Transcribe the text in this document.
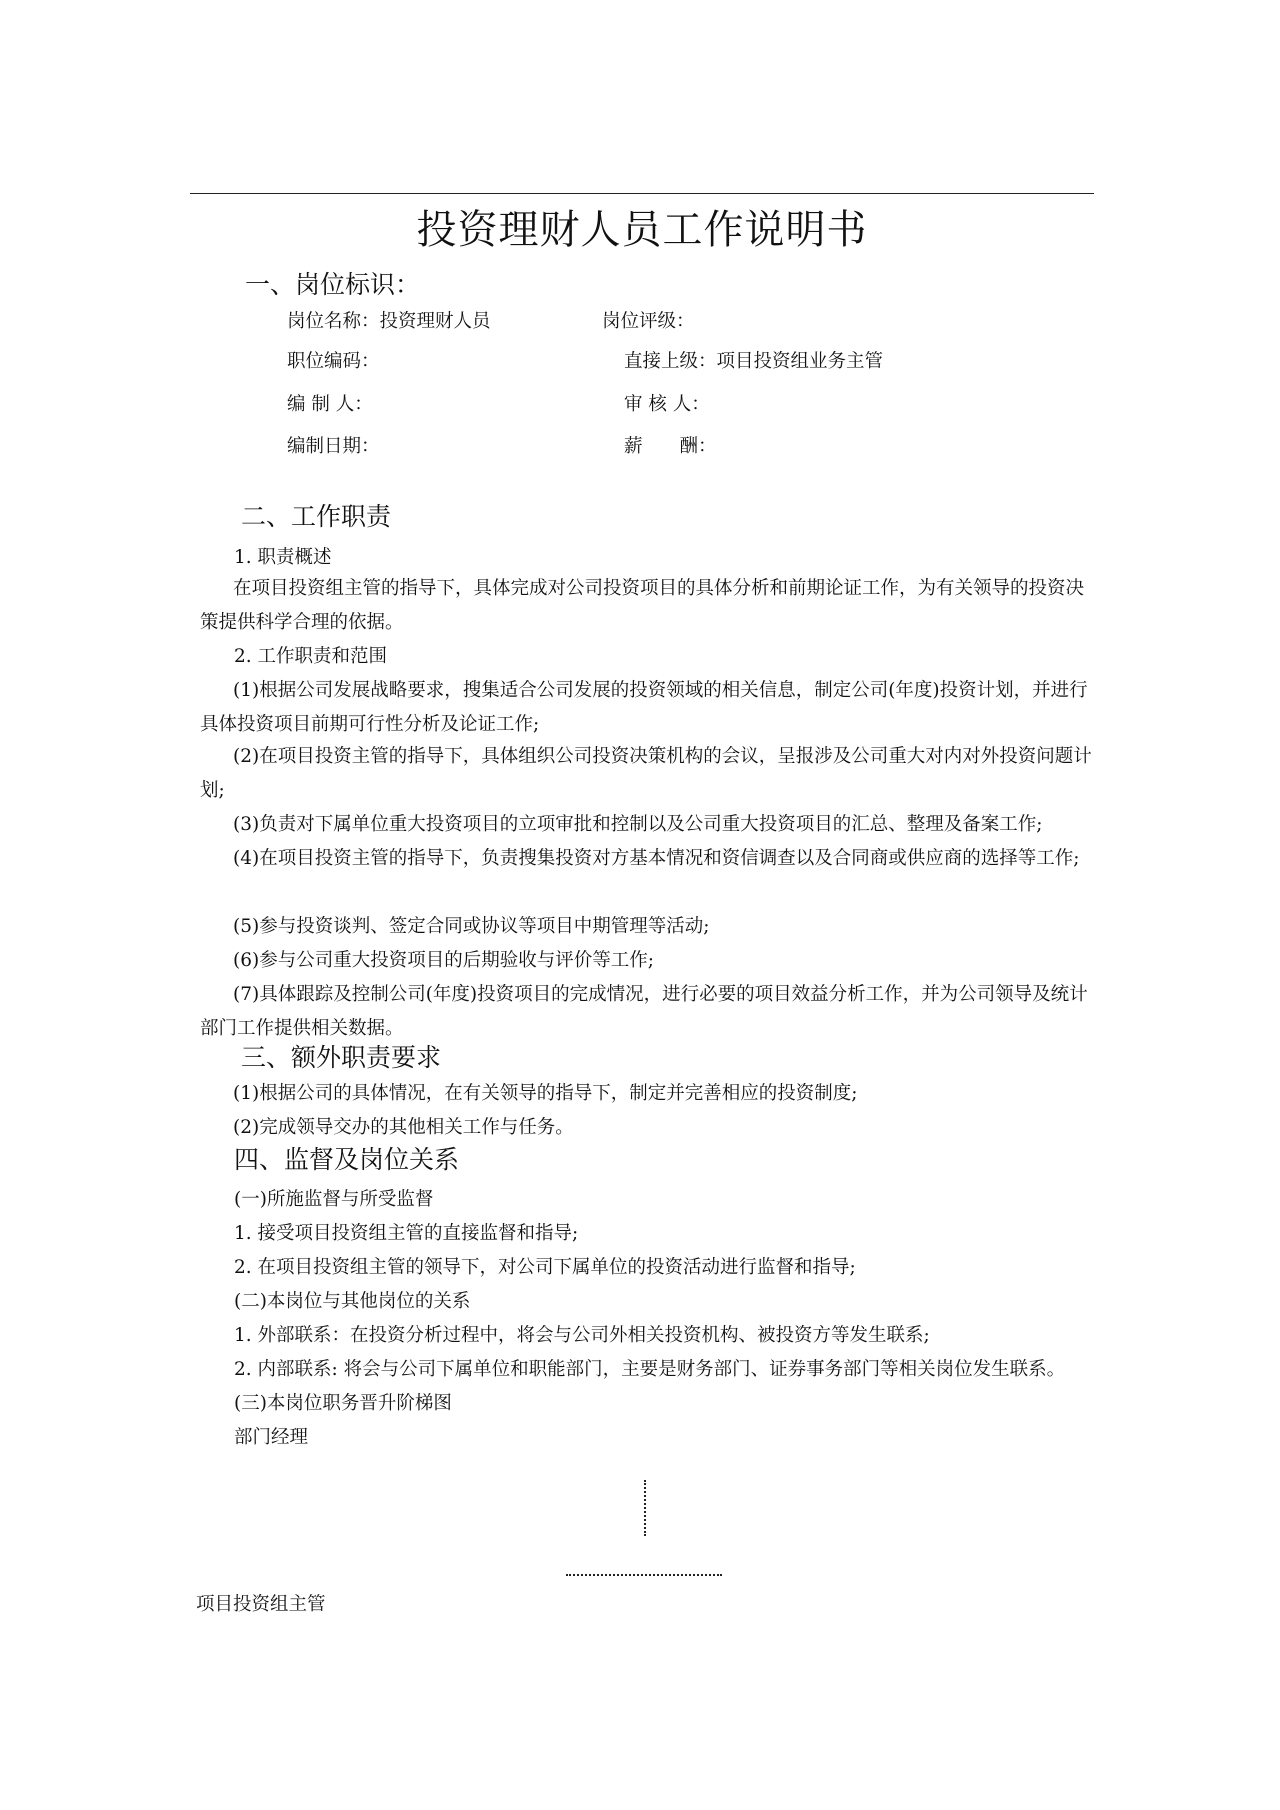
投资理财人员工作说明书
一、岗位标识：
岗位名称：投资理财人员	岗位评级：
职位编码：	直接上级：项目投资组业务主管
编 制 人：	审 核 人：
编制日期：	薪　　酬：
二、工作职责
1. 职责概述

在项目投资组主管的指导下，具体完成对公司投资项目的具体分析和前期论证工作，为有关领导的投资决策提供科学合理的依据。

2. 工作职责和范围

(1)根据公司发展战略要求，搜集适合公司发展的投资领域的相关信息，制定公司(年度)投资计划，并进行具体投资项目前期可行性分析及论证工作;

(2)在项目投资主管的指导下，具体组织公司投资决策机构的会议，呈报涉及公司重大对内对外投资问题计划;

(3)负责对下属单位重大投资项目的立项审批和控制以及公司重大投资项目的汇总、整理及备案工作;

(4)在项目投资主管的指导下，负责搜集投资对方基本情况和资信调查以及合同商或供应商的选择等工作;

(5)参与投资谈判、签定合同或协议等项目中期管理等活动;

(6)参与公司重大投资项目的后期验收与评价等工作;

(7)具体跟踪及控制公司(年度)投资项目的完成情况，进行必要的项目效益分析工作，并为公司领导及统计部门工作提供相关数据。

三、额外职责要求

(1)根据公司的具体情况，在有关领导的指导下，制定并完善相应的投资制度;

(2)完成领导交办的其他相关工作与任务。

四、监督及岗位关系
(一)所施监督与所受监督
1. 接受项目投资组主管的直接监督和指导;
2. 在项目投资组主管的领导下，对公司下属单位的投资活动进行监督和指导;
(二)本岗位与其他岗位的关系
1. 外部联系：在投资分析过程中，将会与公司外相关投资机构、被投资方等发生联系;
2. 内部联系: 将会与公司下属单位和职能部门，主要是财务部门、证券事务部门等相关岗位发生联系。
(三)本岗位职务晋升阶梯图
部门经理
项目投资组主管
